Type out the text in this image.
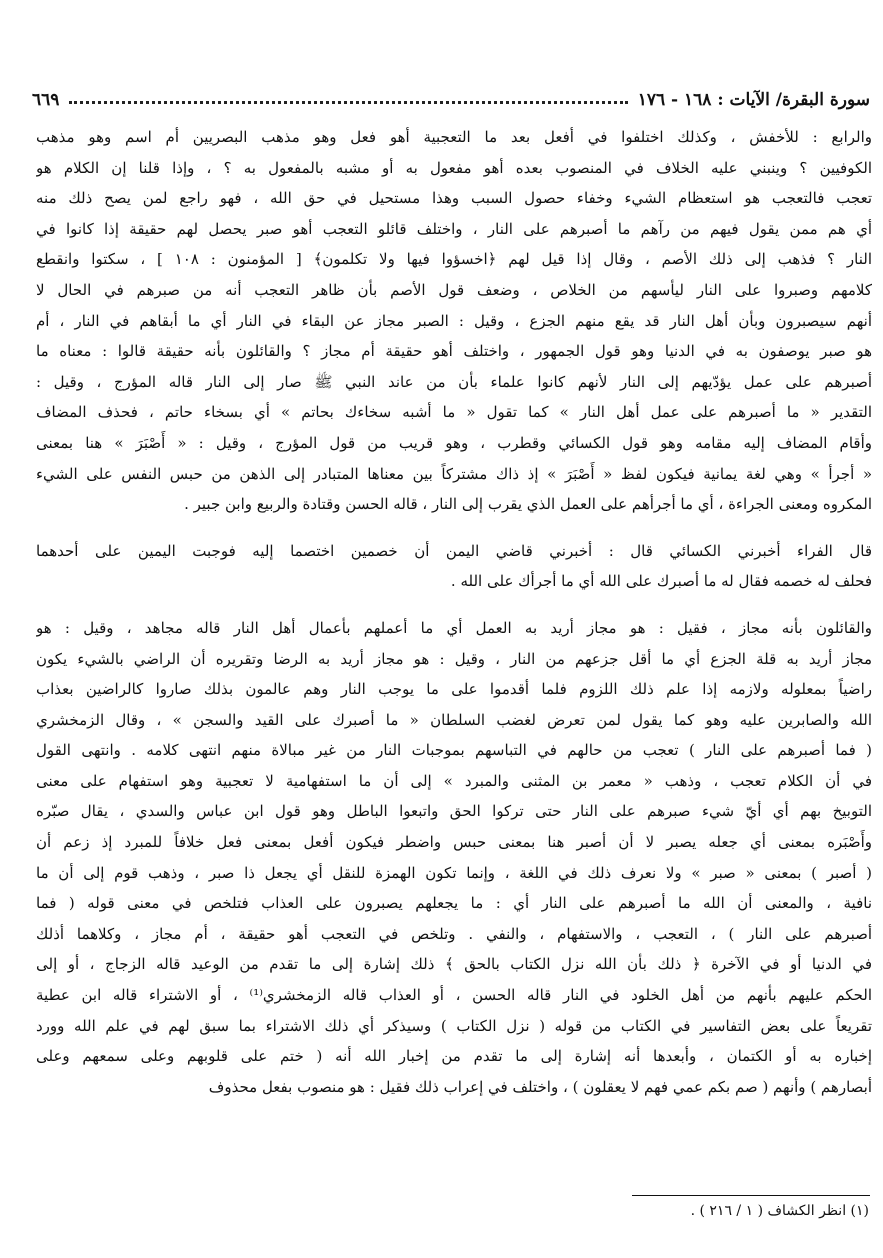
سورة البقرة/ الآيات : ١٦٨ - ١٧٦
٦٦٩
والرابع : للأخفش ، وكذلك اختلفوا في أفعل بعد ما التعجبية أهو فعل وهو مذهب البصريين أم اسم وهو مذهب
الكوفيين ؟ وينبني عليه الخلاف في المنصوب بعده أهو مفعول به أو مشبه بالمفعول به ؟ ، وإذا قلنا إن الكلام هو
تعجب فالتعجب هو استعظام الشيء وخفاء حصول السبب وهذا مستحيل في حق الله ، فهو راجع لمن يصح ذلك منه
أي هم ممن يقول فيهم من رآهم ما أصبرهم على النار ، واختلف قائلو التعجب أهو صبر يحصل لهم حقيقة إذا كانوا في
النار ؟ فذهب إلى ذلك الأصم ، وقال إذا قيل لهم ﴿اخسؤوا فيها ولا تكلمون﴾ [ المؤمنون : ١٠٨ ] ، سكتوا وانقطع
كلامهم وصبروا على النار ليأسهم من الخلاص ، وضعف قول الأصم بأن ظاهر التعجب أنه من صبرهم في الحال لا
أنهم سيصبرون وبأن أهل النار قد يقع منهم الجزع ، وقيل : الصبر مجاز عن البقاء في النار أي ما أبقاهم في النار ، أم
هو صبر يوصفون به في الدنيا وهو قول الجمهور ، واختلف أهو حقيقة أم مجاز ؟ والقائلون بأنه حقيقة قالوا : معناه ما
أصبرهم على عمل يؤدّيهم إلى النار لأنهم كانوا علماء بأن من عاند النبي ﷺ صار إلى النار قاله المؤرج ، وقيل :
التقدير « ما أصبرهم على عمل أهل النار » كما تقول « ما أشبه سخاءك بحاتم » أي بسخاء حاتم ، فحذف المضاف
وأقام المضاف إليه مقامه وهو قول الكسائي وقطرب ، وهو قريب من قول المؤرج ، وقيل : « أَصْبَرَ » هنا بمعنى
« أجرأ » وهي لغة يمانية فيكون لفظ « أَصْبَرَ » إذ ذاك مشتركاً بين معناها المتبادر إلى الذهن من حبس النفس على الشيء
المكروه ومعنى الجراءة ، أي ما أجرأهم على العمل الذي يقرب إلى النار ، قاله الحسن وقتادة والربيع وابن جبير .
قال الفراء أخبرني الكسائي قال : أخبرني قاضي اليمن أن خصمين اختصما إليه فوجبت اليمين على أحدهما
فحلف له خصمه فقال له ما أصبرك على الله أي ما أجرأك على الله .
والقائلون بأنه مجاز ، فقيل : هو مجاز أريد به العمل أي ما أعملهم بأعمال أهل النار قاله مجاهد ، وقيل : هو
مجاز أريد به قلة الجزع أي ما أقل جزعهم من النار ، وقيل : هو مجاز أريد به الرضا وتقريره أن الراضي بالشيء يكون
راضياً بمعلوله ولازمه إذا علم ذلك اللزوم فلما أقدموا على ما يوجب النار وهم عالمون بذلك صاروا كالراضين بعذاب
الله والصابرين عليه وهو كما يقول لمن تعرض لغضب السلطان « ما أصبرك على القيد والسجن » ، وقال الزمخشري
( فما أصبرهم على النار ) تعجب من حالهم في التباسهم بموجبات النار من غير مبالاة منهم انتهى كلامه . وانتهى القول
في أن الكلام تعجب ، وذهب « معمر بن المثنى والمبرد » إلى أن ما استفهامية لا تعجبية وهو استفهام على معنى
التوبيخ بهم أي أيّ شيء صبرهم على النار حتى تركوا الحق واتبعوا الباطل وهو قول ابن عباس والسدي ، يقال صبّره
وأَصْبَره بمعنى أي جعله يصبر لا أن أصبر هنا بمعنى حبس واضطر فيكون أفعل بمعنى فعل خلافاً للمبرد إذ زعم أن
( أصبر ) بمعنى « صبر » ولا نعرف ذلك في اللغة ، وإنما تكون الهمزة للنقل أي يجعل ذا صبر ، وذهب قوم إلى أن ما
نافية ، والمعنى أن الله ما أصبرهم على النار أي : ما يجعلهم يصبرون على العذاب فتلخص في معنى قوله ( فما
أصبرهم على النار ) ، التعجب ، والاستفهام ، والنفي . وتلخص في التعجب أهو حقيقة ، أم مجاز ، وكلاهما أذلك
في الدنيا أو في الآخرة ﴿ ذلك بأن الله نزل الكتاب بالحق ﴾ ذلك إشارة إلى ما تقدم من الوعيد قاله الزجاج ، أو إلى
الحكم عليهم بأنهم من أهل الخلود في النار قاله الحسن ، أو العذاب قاله الزمخشري⁽¹⁾ ، أو الاشتراء قاله ابن عطية
تقريعاً على بعض التفاسير في الكتاب من قوله ( نزل الكتاب ) وسيذكر أي ذلك الاشتراء بما سبق لهم في علم الله وورد
إخباره به أو الكتمان ، وأبعدها أنه إشارة إلى ما تقدم من إخبار الله أنه ( ختم على قلوبهم وعلى سمعهم وعلى
أبصارهم ) وأنهم ( صم بكم عمي فهم لا يعقلون ) ، واختلف في إعراب ذلك فقيل : هو منصوب بفعل محذوف
(١) انظر الكشاف ( ١ / ٢١٦ ) .
